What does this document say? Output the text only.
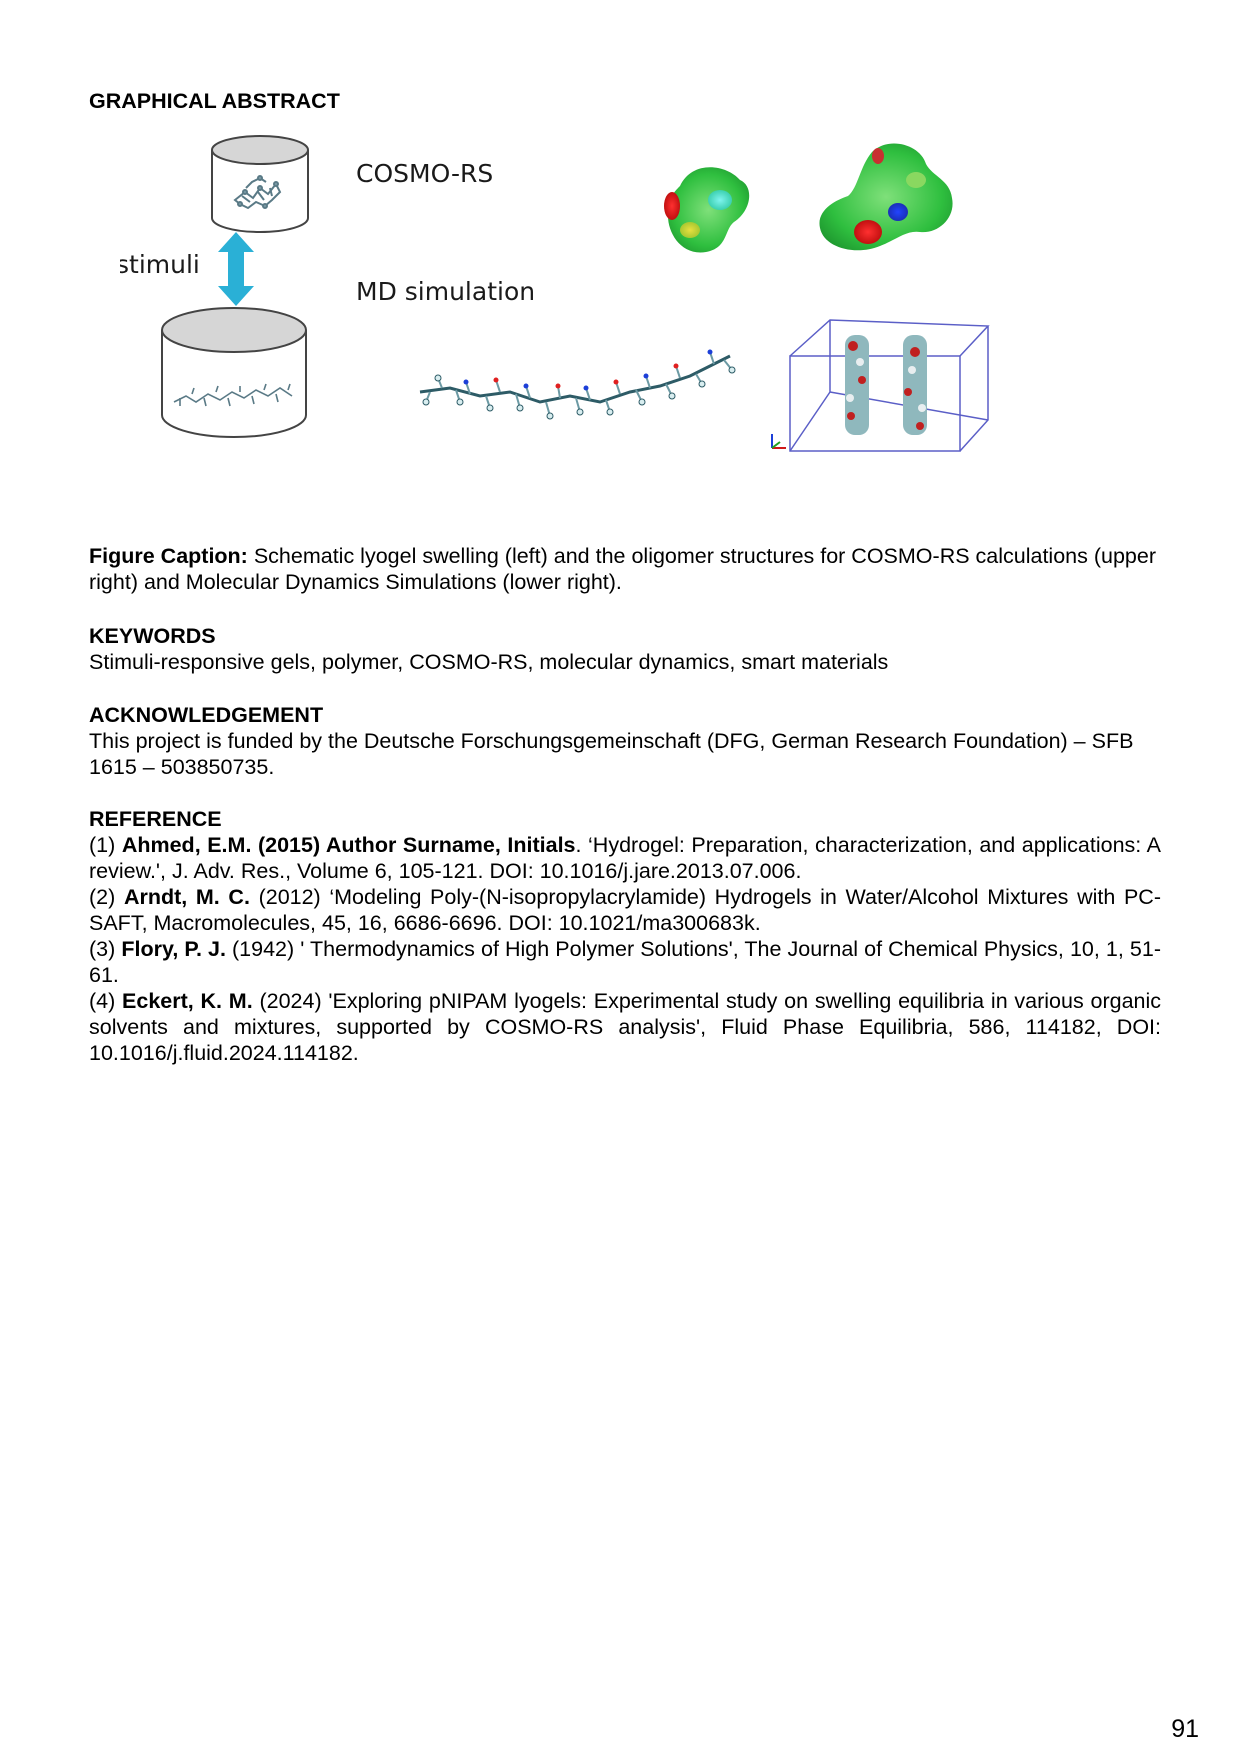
GRAPHICAL ABSTRACT
COSMO-RS
stimuli
MD simulation
Figure Caption: Schematic lyogel swelling (left) and the oligomer structures for COSMO-RS calculations (upper right) and Molecular Dynamics Simulations (lower right).
KEYWORDS
Stimuli-responsive gels, polymer, COSMO-RS, molecular dynamics, smart materials
ACKNOWLEDGEMENT
This project is funded by the Deutsche Forschungsgemeinschaft (DFG, German Research Foundation) – SFB 1615 – 503850735.
REFERENCE
(1) Ahmed, E.M. (2015) Author Surname, Initials. ‘Hydrogel: Preparation, characterization, and applications: A review.', J. Adv. Res., Volume 6, 105-121. DOI: 10.1016/j.jare.2013.07.006.
(2) Arndt, M. C. (2012) ‘Modeling Poly-(N-isopropylacrylamide) Hydrogels in Water/Alcohol Mixtures with PC-SAFT, Macromolecules, 45, 16, 6686-6696. DOI: 10.1021/ma300683k.
(3) Flory, P. J. (1942) ' Thermodynamics of High Polymer Solutions', The Journal of Chemical Physics, 10, 1, 51-61.
(4) Eckert, K. M. (2024) 'Exploring pNIPAM lyogels: Experimental study on swelling equilibria in various organic solvents and mixtures, supported by COSMO-RS analysis', Fluid Phase Equilibria, 586, 114182, DOI: 10.1016/j.fluid.2024.114182.
91
